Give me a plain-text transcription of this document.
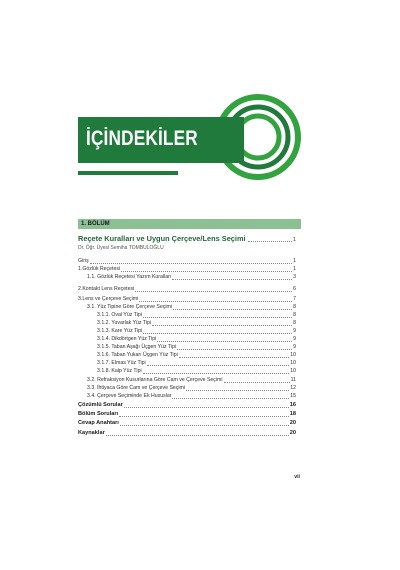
İÇİNDEKİLER
1. BÖLÜM
Reçete Kuralları ve Uygun Çerçeve/Lens Seçimi	1
Dr. Öğr. Üyesi Semiha TOMBULOĞLU
Giriş	1
1.Gözlük Reçetesi	1
1.1. Gözlük Reçetesi Yazım Kuralları	3
2.Kontakt Lens Reçetesi	6
3.Lens ve Çerçeve Seçimi	7
3.1. Yüz Tipine Göre Çerçeve Seçimi	8
3.1.1. Oval Yüz Tipi	8
3.1.2. Yuvarlak Yüz Tipi	8
3.1.3. Kare Yüz Tipi	9
3.1.4. Dikdörtgen Yüz Tipi	9
3.1.5. Taban Aşağı Üçgen Yüz Tipi	9
3.1.6. Taban Yukarı Üçgen Yüz Tipi	10
3.1.7. Elmas Yüz Tipi	10
3.1.8. Kalp Yüz Tipi	10
3.2. Refraksiyon Kusurlarına Göre Cam ve Çerçeve Seçimi	11
3.3. İhtiyaca Göre Cam ve Çerçeve Seçimi	12
3.4. Çerçeve Seçiminde Ek Hususlar	15
Çözümlü Sorular	16
Bölüm Soruları	18
Cevap Anahtarı	20
Kaynaklar	20
vii
